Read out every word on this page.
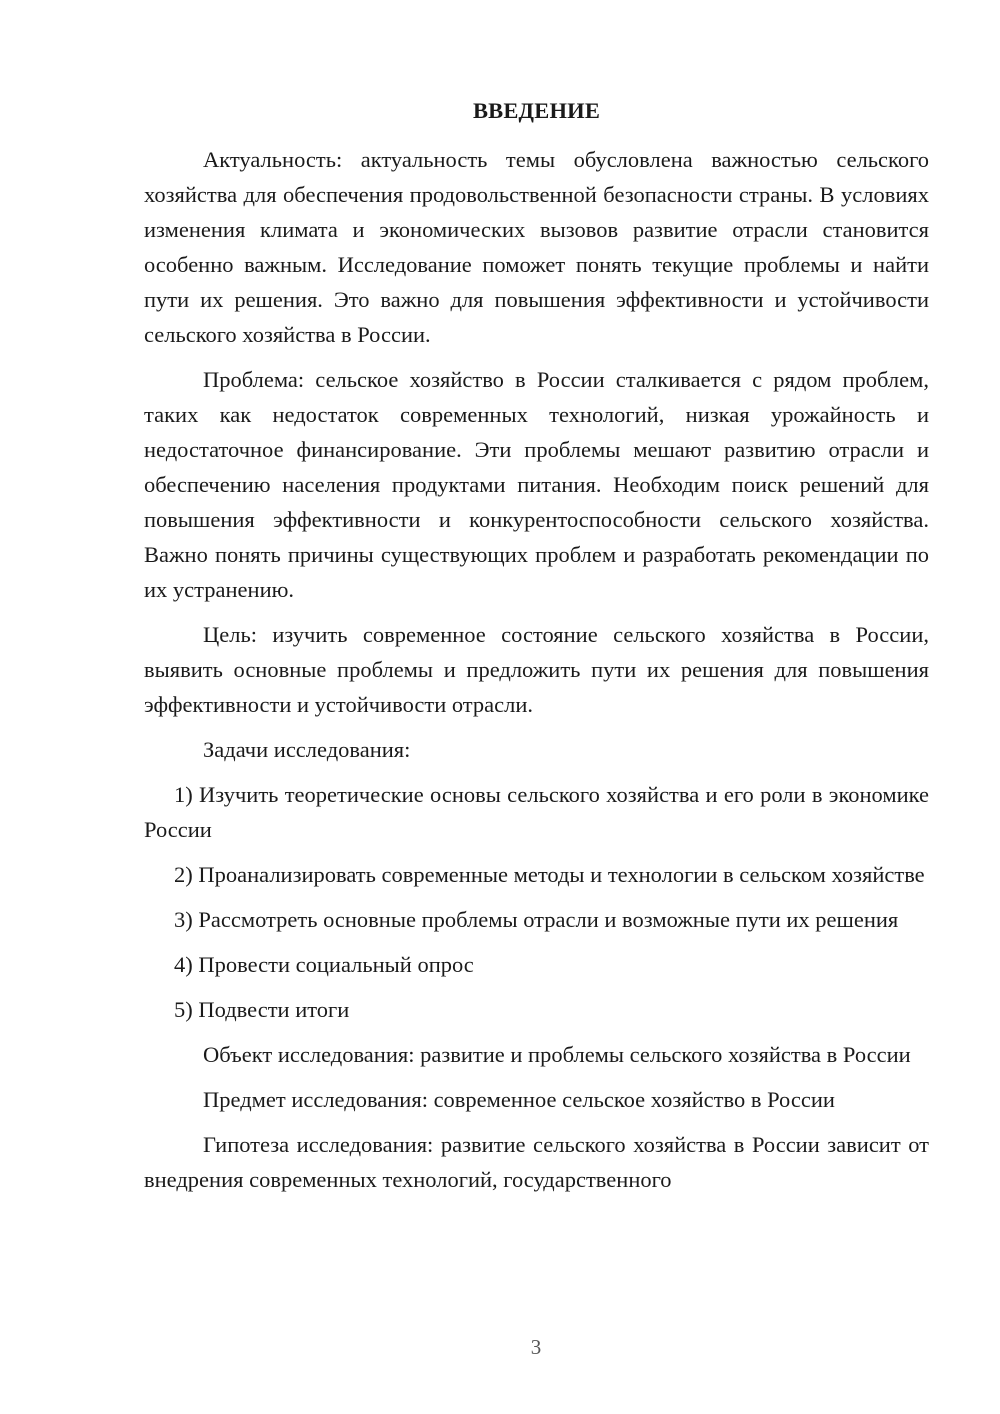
ВВЕДЕНИЕ

Актуальность: актуальность темы обусловлена важностью сельского хозяйства для обеспечения продовольственной безопасности страны. В условиях изменения климата и экономических вызовов развитие отрасли становится особенно важным. Исследование поможет понять текущие проблемы и найти пути их решения. Это важно для повышения эффективности и устойчивости сельского хозяйства в России.

Проблема: сельское хозяйство в России сталкивается с рядом проблем, таких как недостаток современных технологий, низкая урожайность и недостаточное финансирование. Эти проблемы мешают развитию отрасли и обеспечению населения продуктами питания. Необходим поиск решений для повышения эффективности и конкурентоспособности сельского хозяйства. Важно понять причины существующих проблем и разработать рекомендации по их устранению.

Цель: изучить современное состояние сельского хозяйства в России, выявить основные проблемы и предложить пути их решения для повышения эффективности и устойчивости отрасли.

Задачи исследования:

1) Изучить теоретические основы сельского хозяйства и его роли в экономике России

2) Проанализировать современные методы и технологии в сельском хозяйстве

3) Рассмотреть основные проблемы отрасли и возможные пути их решения

4) Провести социальный опрос

5) Подвести итоги

Объект исследования: развитие и проблемы сельского хозяйства в России

Предмет исследования: современное сельское хозяйство в России

Гипотеза исследования: развитие сельского хозяйства в России зависит от внедрения современных технологий, государственного

3
